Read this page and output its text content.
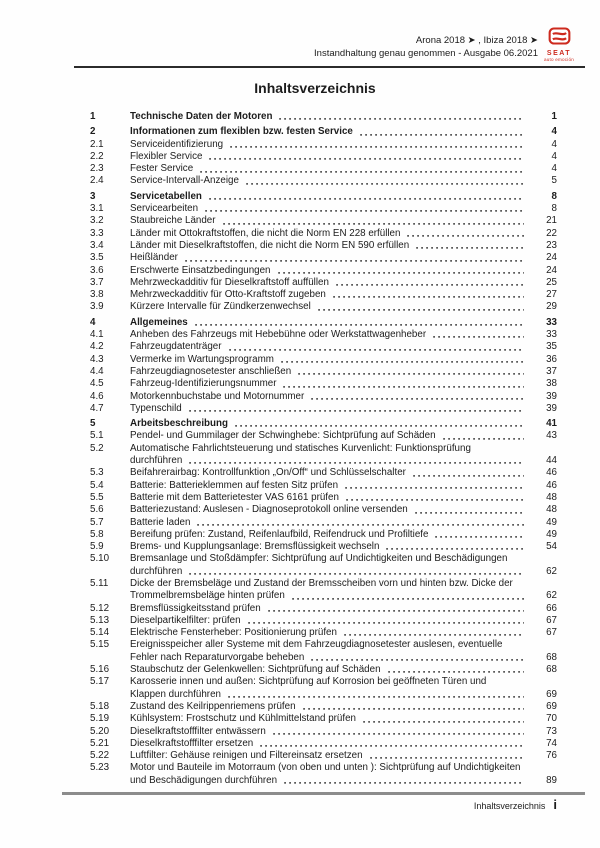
Arona 2018 ➤ , Ibiza 2018 ➤
Instandhaltung genau genommen - Ausgabe 06.2021	SEAT
auto emoción
Inhaltsverzeichnis
1	Technische Daten der Motoren	1
2	Informationen zum flexiblen bzw. festen Service	4
2.1	Serviceidentifizierung	4
2.2	Flexibler Service	4
2.3	Fester Service	4
2.4	Service-Intervall-Anzeige	5
3	Servicetabellen	8
3.1	Servicearbeiten	8
3.2	Staubreiche Länder	21
3.3	Länder mit Ottokraftstoffen, die nicht die Norm EN 228 erfüllen	22
3.4	Länder mit Dieselkraftstoffen, die nicht die Norm EN 590 erfüllen	23
3.5	Heißländer	24
3.6	Erschwerte Einsatzbedingungen	24
3.7	Mehrzweckadditiv für Dieselkraftstoff auffüllen	25
3.8	Mehrzweckadditiv für Otto-Kraftstoff zugeben	27
3.9	Kürzere Intervalle für Zündkerzenwechsel	29
4	Allgemeines	33
4.1	Anheben des Fahrzeugs mit Hebebühne oder Werkstattwagenheber	33
4.2	Fahrzeugdatenträger	35
4.3	Vermerke im Wartungsprogramm	36
4.4	Fahrzeugdiagnosetester anschließen	37
4.5	Fahrzeug-Identifizierungsnummer	38
4.6	Motorkennbuchstabe und Motornummer	39
4.7	Typenschild	39
5	Arbeitsbeschreibung	41
5.1	Pendel- und Gummilager der Schwinghebe: Sichtprüfung auf Schäden	43
5.2	Automatische Fahrlichtsteuerung und statisches Kurvenlicht: Funktionsprüfung
durchführen	44
5.3	Beifahrerairbag: Kontrollfunktion „On/Off“ und Schlüsselschalter	46
5.4	Batterie: Batterieklemmen auf festen Sitz prüfen	46
5.5	Batterie mit dem Batterietester VAS 6161 prüfen	48
5.6	Batteriezustand: Auslesen - Diagnoseprotokoll online versenden	48
5.7	Batterie laden	49
5.8	Bereifung prüfen: Zustand, Reifenlaufbild, Reifendruck und Profiltiefe	49
5.9	Brems- und Kupplungsanlage: Bremsflüssigkeit wechseln	54
5.10	Bremsanlage und Stoßdämpfer: Sichtprüfung auf Undichtigkeiten und Beschädigungen
durchführen	62
5.11	Dicke der Bremsbeläge und Zustand der Bremsscheiben vorn und hinten bzw. Dicke der
Trommelbremsbeläge hinten prüfen	62
5.12	Bremsflüssigkeitsstand prüfen	66
5.13	Dieselpartikelfilter: prüfen	67
5.14	Elektrische Fensterheber: Positionierung prüfen	67
5.15	Ereignisspeicher aller Systeme mit dem Fahrzeugdiagnosetester auslesen, eventuelle
Fehler nach Reparaturvorgabe beheben	68
5.16	Staubschutz der Gelenkwellen: Sichtprüfung auf Schäden	68
5.17	Karosserie innen und außen: Sichtprüfung auf Korrosion bei geöffneten Türen und
Klappen durchführen	69
5.18	Zustand des Keilrippenriemens prüfen	69
5.19	Kühlsystem: Frostschutz und Kühlmittelstand prüfen	70
5.20	Dieselkraftstofffilter entwässern	73
5.21	Dieselkraftstofffilter ersetzen	74
5.22	Luftfilter: Gehäuse reinigen und Filtereinsatz ersetzen	76
5.23	Motor und Bauteile im Motorraum (von oben und unten ): Sichtprüfung auf Undichtigkeiten
und Beschädigungen durchführen	89
Inhaltsverzeichnis i
